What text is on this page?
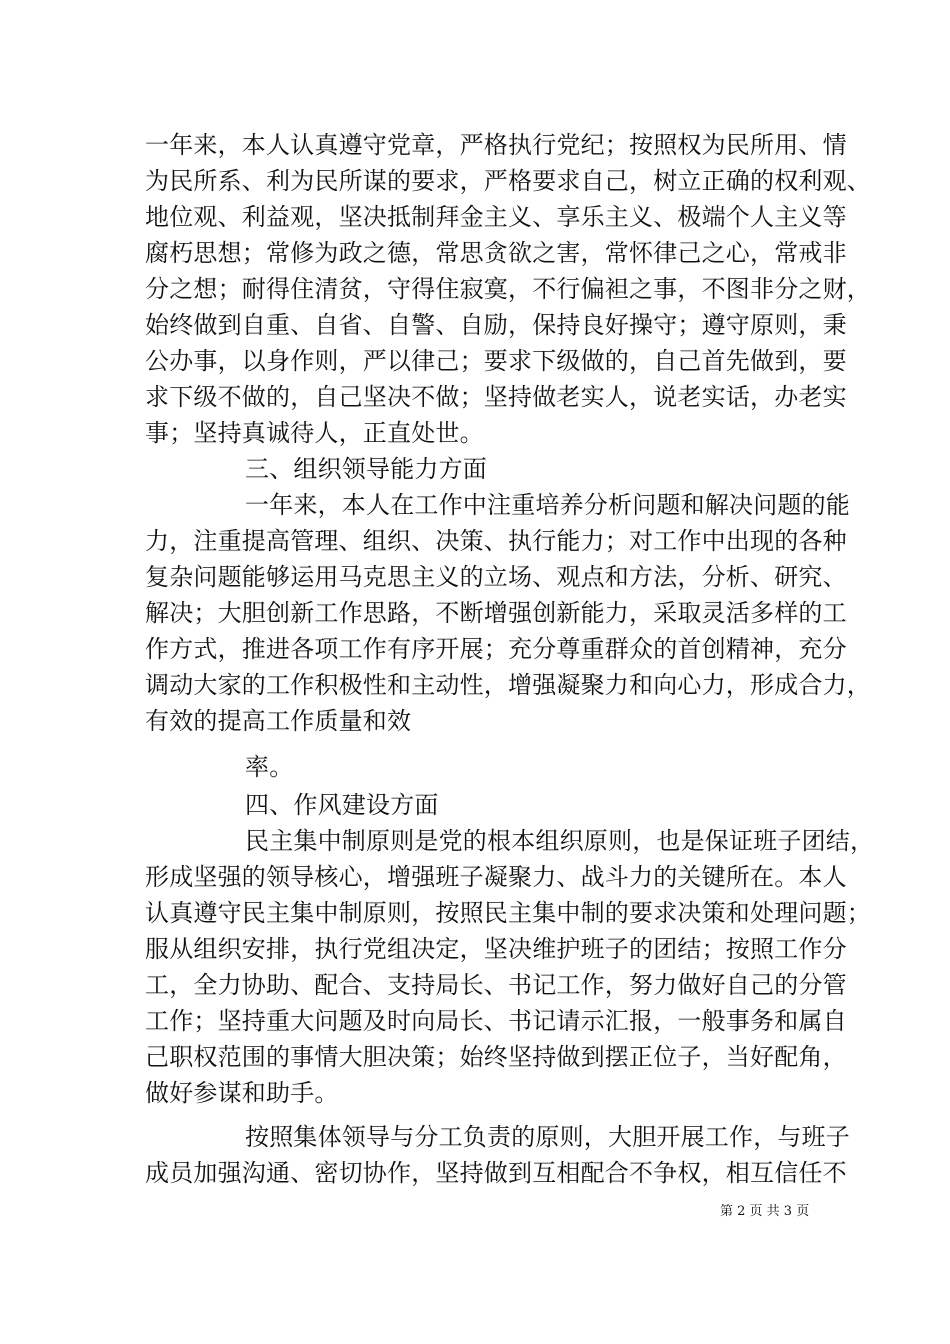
一年来，本人认真遵守党章，严格执行党纪；按照权为民所用、情
为民所系、利为民所谋的要求，严格要求自己，树立正确的权利观、
地位观、利益观，坚决抵制拜金主义、享乐主义、极端个人主义等
腐朽思想；常修为政之德，常思贪欲之害，常怀律己之心，常戒非
分之想；耐得住清贫，守得住寂寞，不行偏袒之事，不图非分之财，
始终做到自重、自省、自警、自励，保持良好操守；遵守原则，秉
公办事，以身作则，严以律己；要求下级做的，自己首先做到，要
求下级不做的，自己坚决不做；坚持做老实人，说老实话，办老实
事；坚持真诚待人，正直处世。
三、组织领导能力方面
一年来，本人在工作中注重培养分析问题和解决问题的能
力，注重提高管理、组织、决策、执行能力；对工作中出现的各种
复杂问题能够运用马克思主义的立场、观点和方法，分析、研究、
解决；大胆创新工作思路，不断增强创新能力，采取灵活多样的工
作方式，推进各项工作有序开展；充分尊重群众的首创精神，充分
调动大家的工作积极性和主动性，增强凝聚力和向心力，形成合力，
有效的提高工作质量和效
率。
四、作风建设方面
民主集中制原则是党的根本组织原则，也是保证班子团结，
形成坚强的领导核心，增强班子凝聚力、战斗力的关键所在。本人
认真遵守民主集中制原则，按照民主集中制的要求决策和处理问题；
服从组织安排，执行党组决定，坚决维护班子的团结；按照工作分
工，全力协助、配合、支持局长、书记工作，努力做好自己的分管
工作；坚持重大问题及时向局长、书记请示汇报，一般事务和属自
己职权范围的事情大胆决策；始终坚持做到摆正位子，当好配角，
做好参谋和助手。
按照集体领导与分工负责的原则，大胆开展工作，与班子
成员加强沟通、密切协作，坚持做到互相配合不争权，相互信任不
第 2 页 共 3 页
